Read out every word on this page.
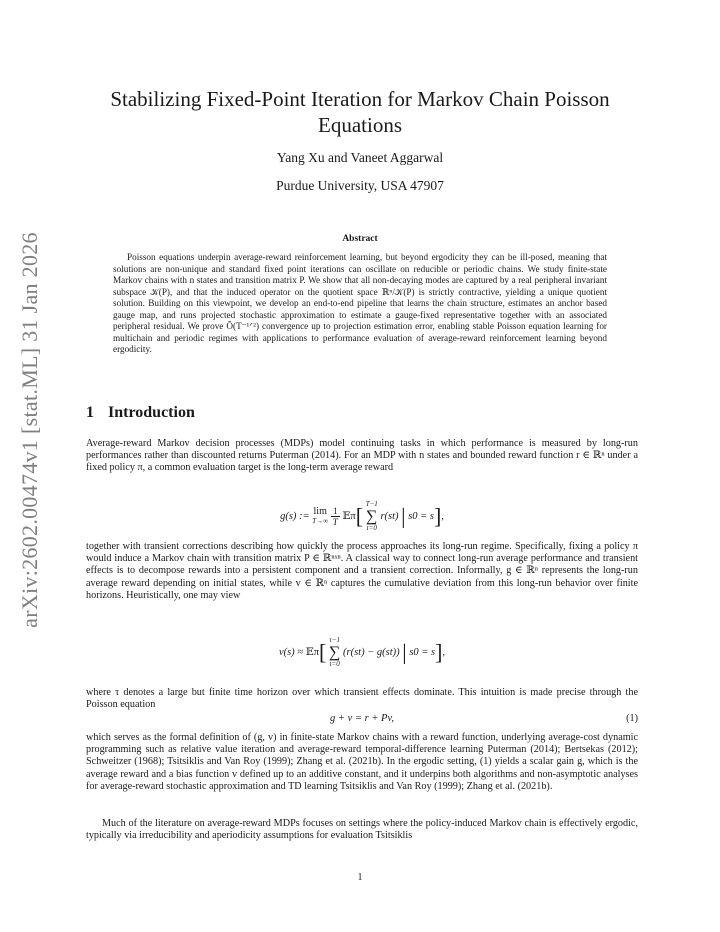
arXiv:2602.00474v1 [stat.ML] 31 Jan 2026
Stabilizing Fixed-Point Iteration for Markov Chain Poisson Equations
Yang Xu and Vaneet Aggarwal
Purdue University, USA 47907
Abstract

Poisson equations underpin average-reward reinforcement learning, but beyond ergodicity they can be ill-posed, meaning that solutions are non-unique and standard fixed point iterations can oscillate on reducible or periodic chains. We study finite-state Markov chains with n states and transition matrix P. We show that all non-decaying modes are captured by a real peripheral invariant subspace 𝒦(P), and that the induced operator on the quotient space ℝⁿ/𝒦(P) is strictly contractive, yielding a unique quotient solution. Building on this viewpoint, we develop an end-to-end pipeline that learns the chain structure, estimates an anchor based gauge map, and runs projected stochastic approximation to estimate a gauge-fixed representative together with an associated peripheral residual. We prove Õ(T⁻¹ᐟ²) convergence up to projection estimation error, enabling stable Poisson equation learning for multichain and periodic regimes with applications to performance evaluation of average-reward reinforcement learning beyond ergodicity.

1 Introduction

Average-reward Markov decision processes (MDPs) model continuing tasks in which performance is measured by long-run performances rather than discounted returns Puterman (2014). For an MDP with n states and bounded reward function r ∈ ℝⁿ under a fixed policy π, a common evaluation target is the long-term average reward

g(s) := lim
$T\to\infty \frac{1}{T}$ 𝔼π[ T−1
∑
t=0 r(st) | s0 = s],

together with transient corrections describing how quickly the process approaches its long-run regime. Specifically, fixing a policy π would induce a Markov chain with transition matrix P ∈ ℝⁿˣⁿ. A classical way to connect long-run average performance and transient effects is to decompose rewards into a persistent component and a transient correction. Informally, g ∈ ℝⁿ represents the long-run average reward depending on initial states, while v ∈ ℝⁿ captures the cumulative deviation from this long-run behavior over finite horizons. Heuristically, one may view

v(s) ≈ 𝔼π[ τ−1
∑
t=0 (r(st) − g(st)) | s0 = s],

where τ denotes a large but finite time horizon over which transient effects dominate. This intuition is made precise through the Poisson equation

g + v = r + Pv,	(1)

which serves as the formal definition of (g, v) in finite-state Markov chains with a reward function, underlying average-cost dynamic programming such as relative value iteration and average-reward temporal-difference learning Puterman (2014); Bertsekas (2012); Schweitzer (1968); Tsitsiklis and Van Roy (1999); Zhang et al. (2021b). In the ergodic setting, (1) yields a scalar gain g, which is the average reward and a bias function v defined up to an additive constant, and it underpins both algorithms and non-asymptotic analyses for average-reward stochastic approximation and TD learning Tsitsiklis and Van Roy (1999); Zhang et al. (2021b).

Much of the literature on average-reward MDPs focuses on settings where the policy-induced Markov chain is effectively ergodic, typically via irreducibility and aperiodicity assumptions for evaluation Tsitsiklis

1
